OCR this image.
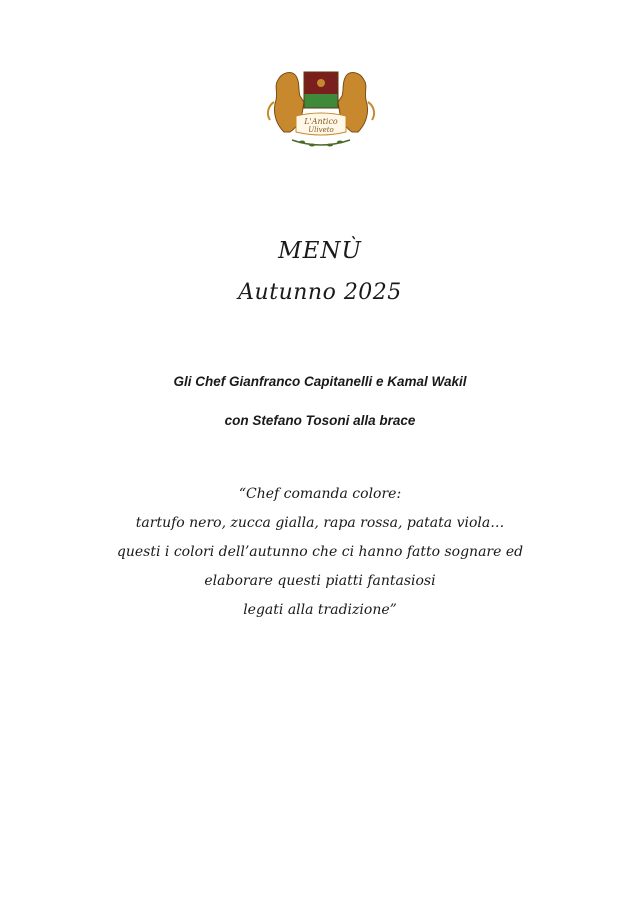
L'Antico
Uliveto
MENÙ
Autunno 2025
Gli Chef Gianfranco Capitanelli e Kamal Wakil
con Stefano Tosoni alla brace
“Chef comanda colore:
tartufo nero, zucca gialla, rapa rossa, patata viola…
questi i colori dell’autunno che ci hanno fatto sognare ed
elaborare questi piatti fantasiosi
legati alla tradizione”
